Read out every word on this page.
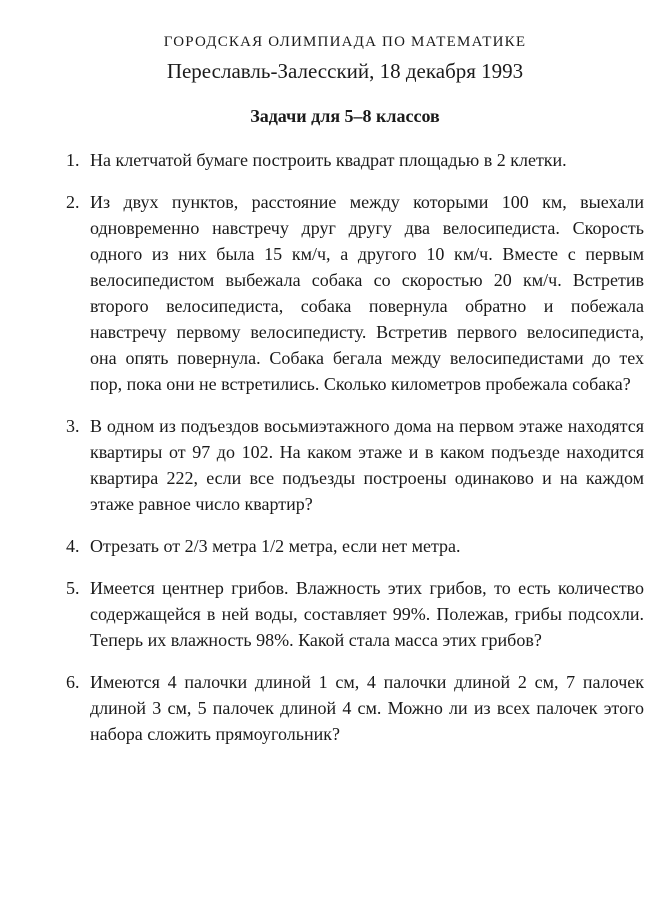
ГОРОДСКАЯ ОЛИМПИАДА ПО МАТЕМАТИКЕ
Переславль-Залесский, 18 декабря 1993
Задачи для 5–8 классов
1. На клетчатой бумаге построить квадрат площадью в 2 клетки.
2. Из двух пунктов, расстояние между которыми 100 км, выехали одновременно навстречу друг другу два велосипедиста. Скорость одного из них была 15 км/ч, а другого 10 км/ч. Вместе с первым велосипедистом выбежала собака со скоростью 20 км/ч. Встретив второго велосипедиста, собака повернула обратно и побежала навстречу первому велосипедисту. Встретив первого велосипедиста, она опять повернула. Собака бегала между велосипедистами до тех пор, пока они не встретились. Сколько километров пробежала собака?
3. В одном из подъездов восьмиэтажного дома на первом этаже находятся квартиры от 97 до 102. На каком этаже и в каком подъезде находится квартира 222, если все подъезды построены одинаково и на каждом этаже равное число квартир?
4. Отрезать от 2/3 метра 1/2 метра, если нет метра.
5. Имеется центнер грибов. Влажность этих грибов, то есть количество содержащейся в ней воды, составляет 99%. Полежав, грибы подсохли. Теперь их влажность 98%. Какой стала масса этих грибов?
6. Имеются 4 палочки длиной 1 см, 4 палочки длиной 2 см, 7 палочек длиной 3 см, 5 палочек длиной 4 см. Можно ли из всех палочек этого набора сложить прямоугольник?
